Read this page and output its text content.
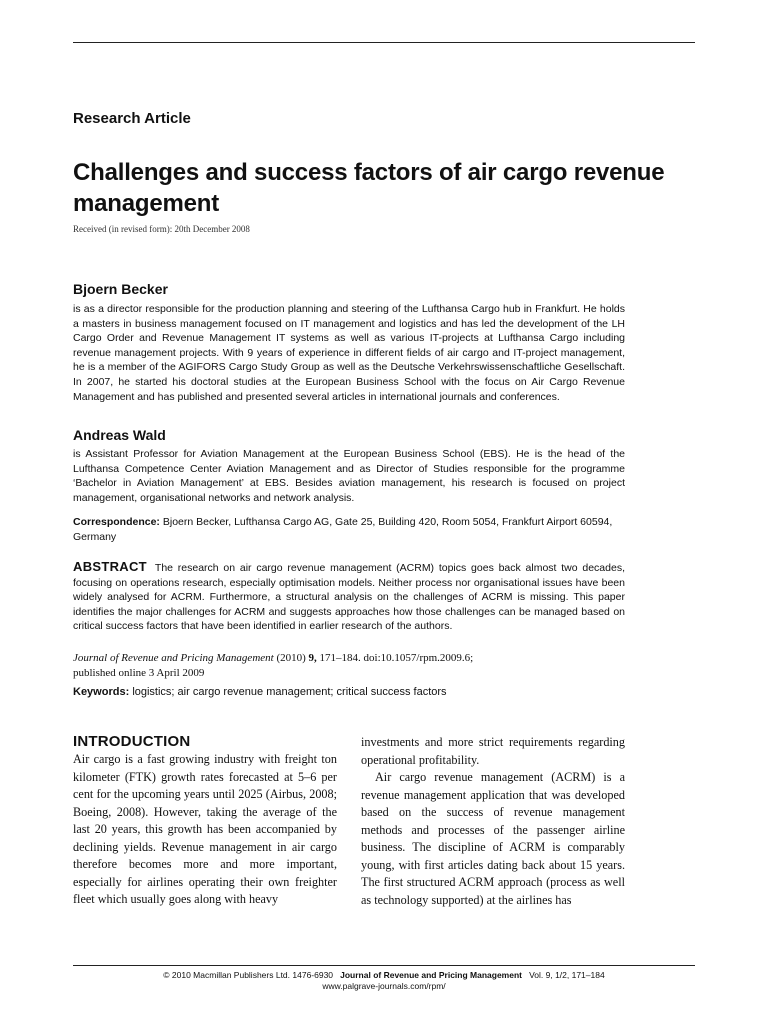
Research Article
Challenges and success factors of air cargo revenue management

Received (in revised form): 20th December 2008

Bjoern Becker

is as a director responsible for the production planning and steering of the Lufthansa Cargo hub in Frankfurt. He holds a masters in business management focused on IT management and logistics and has led the development of the LH Cargo Order and Revenue Management IT systems as well as various IT-projects at Lufthansa Cargo including revenue management projects. With 9 years of experience in different fields of air cargo and IT-project management, he is a member of the AGIFORS Cargo Study Group as well as the Deutsche Verkehrswissenschaftliche Gesellschaft. In 2007, he started his doctoral studies at the European Business School with the focus on Air Cargo Revenue Management and has published and presented several articles in international journals and conferences.

Andreas Wald

is Assistant Professor for Aviation Management at the European Business School (EBS). He is the head of the Lufthansa Competence Center Aviation Management and as Director of Studies responsible for the programme ‘Bachelor in Aviation Management’ at EBS. Besides aviation management, his research is focused on project management, organisational networks and network analysis.

Correspondence: Bjoern Becker, Lufthansa Cargo AG, Gate 25, Building 420, Room 5054, Frankfurt Airport 60594, Germany

ABSTRACT The research on air cargo revenue management (ACRM) topics goes back almost two decades, focusing on operations research, especially optimisation models. Neither process nor organisational issues have been widely analysed for ACRM. Furthermore, a structural analysis on the challenges of ACRM is missing. This paper identifies the major challenges for ACRM and suggests approaches how those challenges can be managed based on critical success factors that have been identified in earlier research of the authors.

Journal of Revenue and Pricing Management (2010) 9, 171–184. doi:10.1057/rpm.2009.6;
published online 3 April 2009

Keywords: logistics; air cargo revenue management; critical success factors

INTRODUCTION

Air cargo is a fast growing industry with freight ton kilometer (FTK) growth rates forecasted at 5–6 per cent for the upcoming years until 2025 (Airbus, 2008; Boeing, 2008). However, taking the average of the last 20 years, this growth has been accompanied by declining yields. Revenue management in air cargo therefore becomes more and more important, especially for airlines operating their own freighter fleet which usually goes along with heavy

investments and more strict requirements regarding operational profitability.

Air cargo revenue management (ACRM) is a revenue management application that was developed based on the success of revenue management methods and processes of the passenger airline business. The discipline of ACRM is comparably young, with first articles dating back about 15 years. The first structured ACRM approach (process as well as technology supported) at the airlines has

© 2010 Macmillan Publishers Ltd. 1476-6930 Journal of Revenue and Pricing Management Vol. 9, 1/2, 171–184

www.palgrave-journals.com/rpm/
